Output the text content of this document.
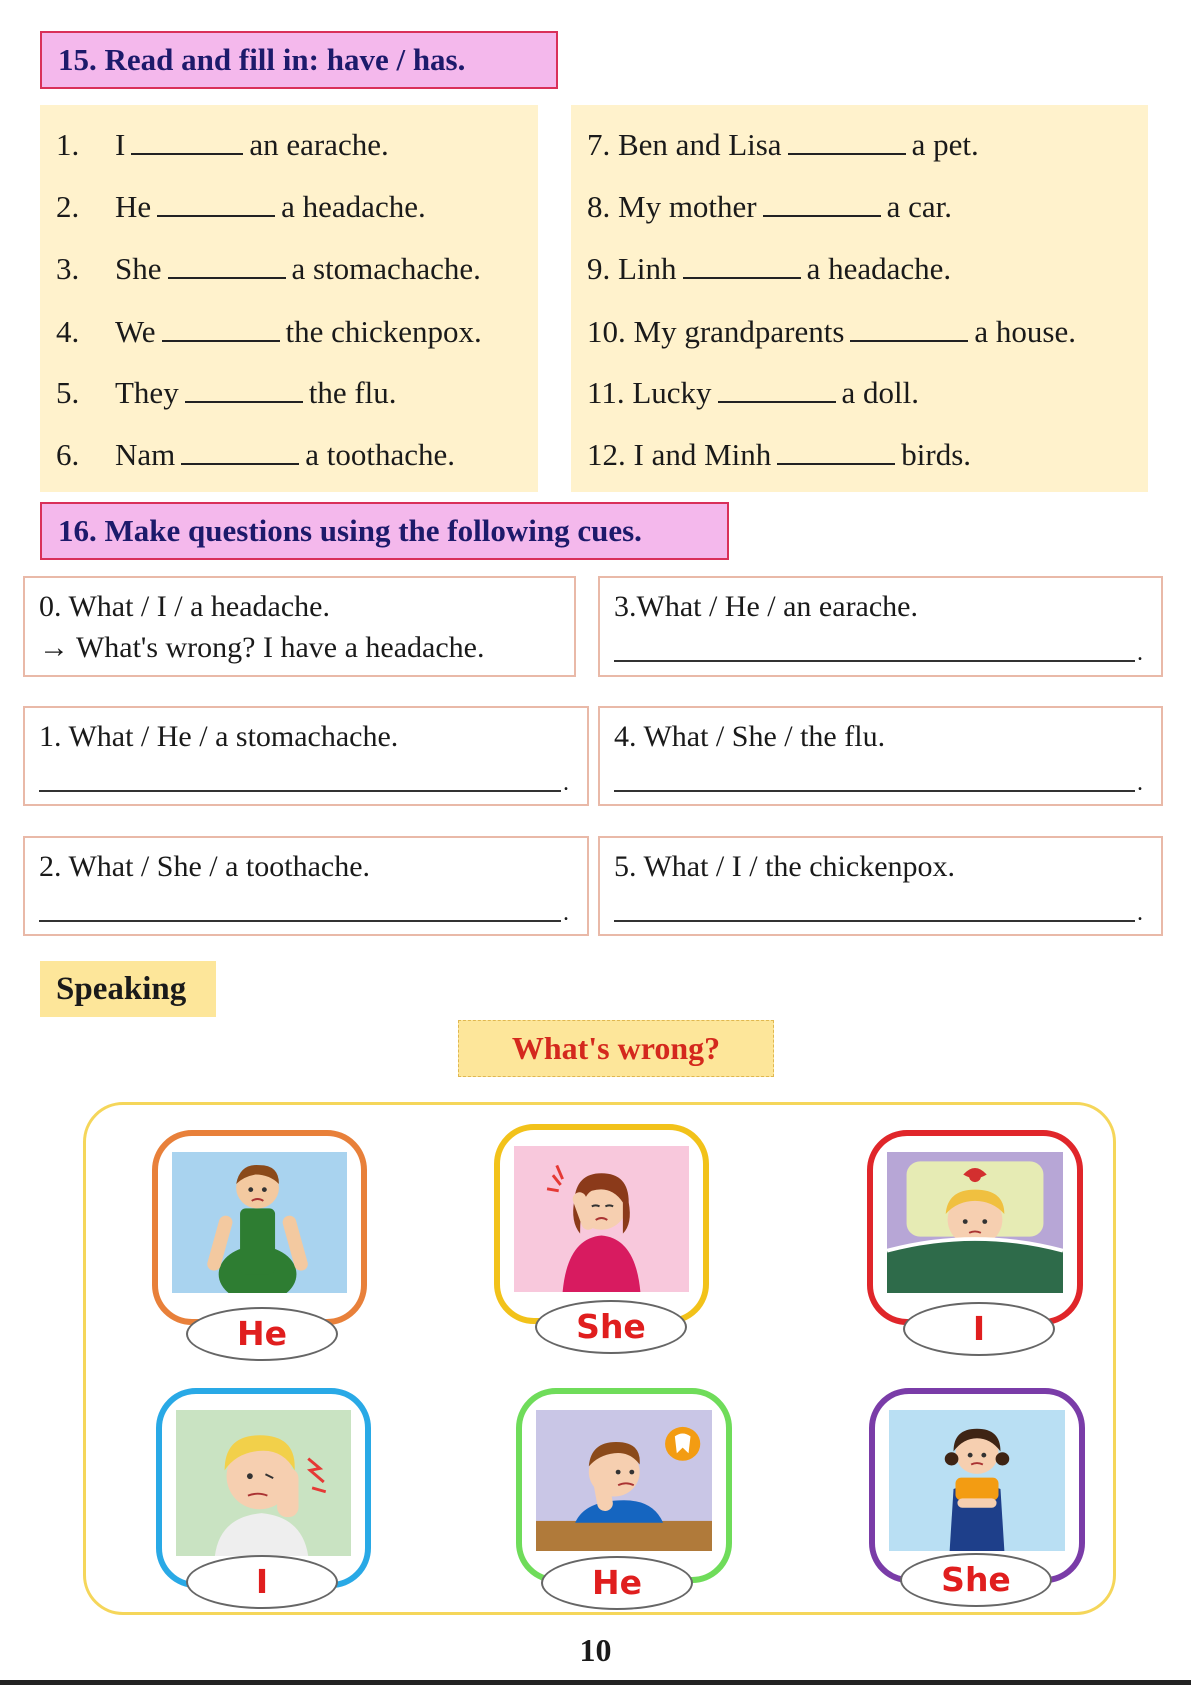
15. Read and fill in: have / has.
1. I	an earache.
2. He	a headache.
3. She	a stomachache.
4. We	the chickenpox.
5. They	the flu.
6. Nam	a toothache.
7. Ben and Lisa	a pet.
8. My mother	a car.
9. Linh	a headache.
10. My grandparents	a house.
11. Lucky	a doll.
12. I and Minh	birds.
16. Make questions using the following cues.
0. What / I / a headache.
→ What's wrong? I have a headache.
3.What / He / an earache.
.
1. What / He / a stomachache.
.
4. What / She / the flu.
.
2. What / She / a toothache.
.
5. What / I / the chickenpox.
.
Speaking
What's wrong?
He	She	I
I	He	She
10
